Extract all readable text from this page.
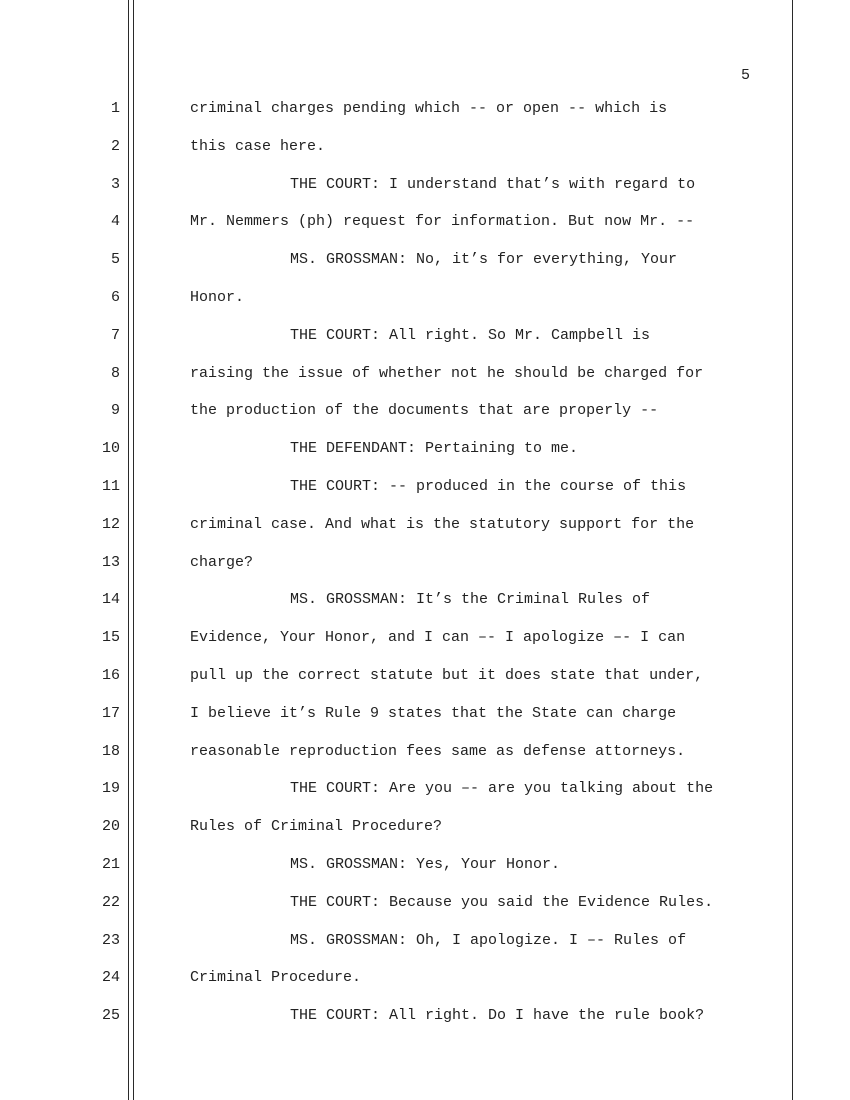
5
1
2
3
4
5
6
7
8
9
10
11
12
13
14
15
16
17
18
19
20
21
22
23
24
25
criminal charges pending which -- or open -- which is
this case here.
THE COURT: I understand that’s with regard to
Mr. Nemmers (ph) request for information. But now Mr. --
MS. GROSSMAN: No, it’s for everything, Your
Honor.
THE COURT: All right. So Mr. Campbell is
raising the issue of whether not he should be charged for
the production of the documents that are properly --
THE DEFENDANT: Pertaining to me.
THE COURT: -- produced in the course of this
criminal case. And what is the statutory support for the
charge?
MS. GROSSMAN: It’s the Criminal Rules of
Evidence, Your Honor, and I can –- I apologize –- I can
pull up the correct statute but it does state that under,
I believe it’s Rule 9 states that the State can charge
reasonable reproduction fees same as defense attorneys.
THE COURT: Are you –- are you talking about the
Rules of Criminal Procedure?
MS. GROSSMAN: Yes, Your Honor.
THE COURT: Because you said the Evidence Rules.
MS. GROSSMAN: Oh, I apologize. I –- Rules of
Criminal Procedure.
THE COURT: All right. Do I have the rule book?
